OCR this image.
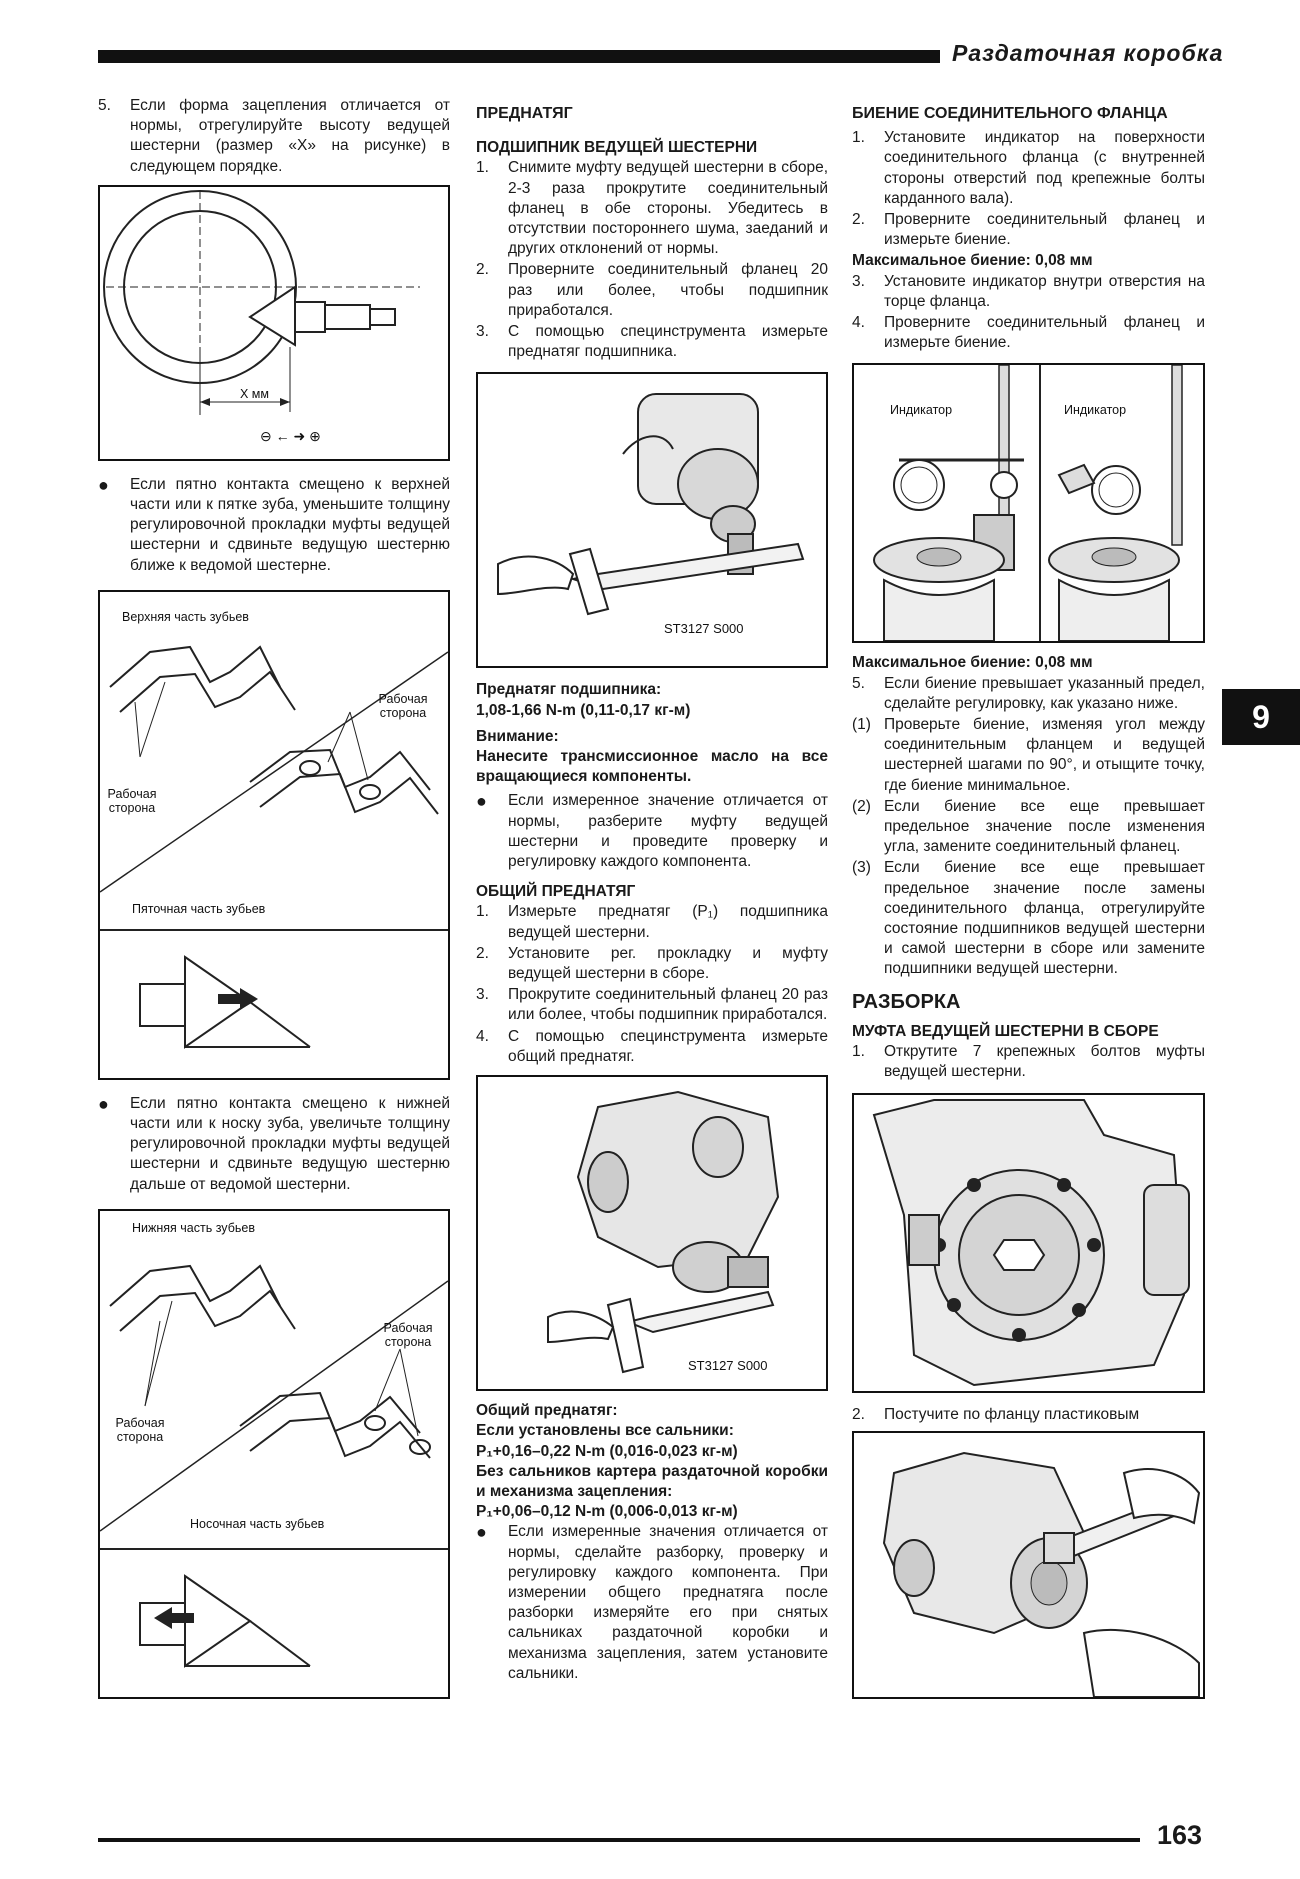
Раздаточная коробка
9
163
5.	Если форма зацепления отличается от нормы, отрегулируйте высоту ведущей шестерни (размер «X» на рисунке) в следующем порядке.
X мм
⊖ ← ➜ ⊕
●	Если пятно контакта смещено к верхней части или к пятке зуба, уменьшите толщину регулировочной прокладки муфты ведущей шестерни и сдвиньте ведущую шестерню ближе к ведомой шестерне.
Верхняя часть зубьев
Рабочая сторона
Рабочая сторона
Пяточная часть зубьев
●	Если пятно контакта смещено к нижней части или к носку зуба, увеличьте толщину регулировочной прокладки муфты ведущей шестерни и сдвиньте ведущую шестерню дальше от ведомой шестерни.
Нижняя часть зубьев
Рабочая сторона
Рабочая сторона
Носочная часть зубьев
ПРЕДНАТЯГ
ПОДШИПНИК ВЕДУЩЕЙ ШЕСТЕРНИ
1.	Снимите муфту ведущей шестерни в сборе, 2-3 раза прокрутите соединительный фланец в обе стороны. Убедитесь в отсутствии постороннего шума, заеданий и других отклонений от нормы.
2.	Проверните соединительный фланец 20 раз или более, чтобы подшипник приработался.
3.	С помощью специнструмента измерьте преднатяг подшипника.
ST3127 S000
Преднатяг подшипника:
1,08-1,66 N-m (0,11-0,17 кг-м)
Внимание:
Нанесите трансмиссионное масло на все вращающиеся компоненты.
●	Если измеренное значение отличается от нормы, разберите муфту ведущей шестерни и проведите проверку и регулировку каждого компонента.
ОБЩИЙ ПРЕДНАТЯГ
1.	Измерьте преднатяг (P₁) подшипника ведущей шестерни.
2.	Установите рег. прокладку и муфту ведущей шестерни в сборе.
3.	Прокрутите соединительный фланец 20 раз или более, чтобы подшипник приработался.
4.	С помощью специнструмента измерьте общий преднатяг.
ST3127 S000
Общий преднатяг:
Если установлены все сальники:
P₁+0,16–0,22 N-m (0,016-0,023 кг-м)
Без сальников картера раздаточной коробки и механизма зацепления:
P₁+0,06–0,12 N-m (0,006-0,013 кг-м)
●	Если измеренные значения отличается от нормы, сделайте разборку, проверку и регулировку каждого компонента. При измерении общего преднатяга после разборки измеряйте его при снятых сальниках раздаточной коробки и механизма зацепления, затем установите сальники.
БИЕНИЕ СОЕДИНИТЕЛЬНОГО ФЛАНЦА
1.	Установите индикатор на поверхности соединительного фланца (с внутренней стороны отверстий под крепежные болты карданного вала).
2.	Проверните соединительный фланец и измерьте биение.
Максимальное биение: 0,08 мм
3.	Установите индикатор внутри отверстия на торце фланца.
4.	Проверните соединительный фланец и измерьте биение.
Индикатор	Индикатор
Максимальное биение: 0,08 мм
5.	Если биение превышает указанный предел, сделайте регулировку, как указано ниже.
(1) Проверьте биение, изменяя угол между соединительным фланцем и ведущей шестерней шагами по 90°, и отыщите точку, где биение минимальное.
(2) Если биение все еще превышает предельное значение после изменения угла, замените соединительный фланец.
(3) Если биение все еще превышает предельное значение после замены соединительного фланца, отрегулируйте состояние подшипников ведущей шестерни и самой шестерни в сборе или замените подшипники ведущей шестерни.
РАЗБОРКА
МУФТА ВЕДУЩЕЙ ШЕСТЕРНИ В СБОРЕ
1.	Открутите 7 крепежных болтов муфты ведущей шестерни.
2.	Постучите по фланцу пластиковым
